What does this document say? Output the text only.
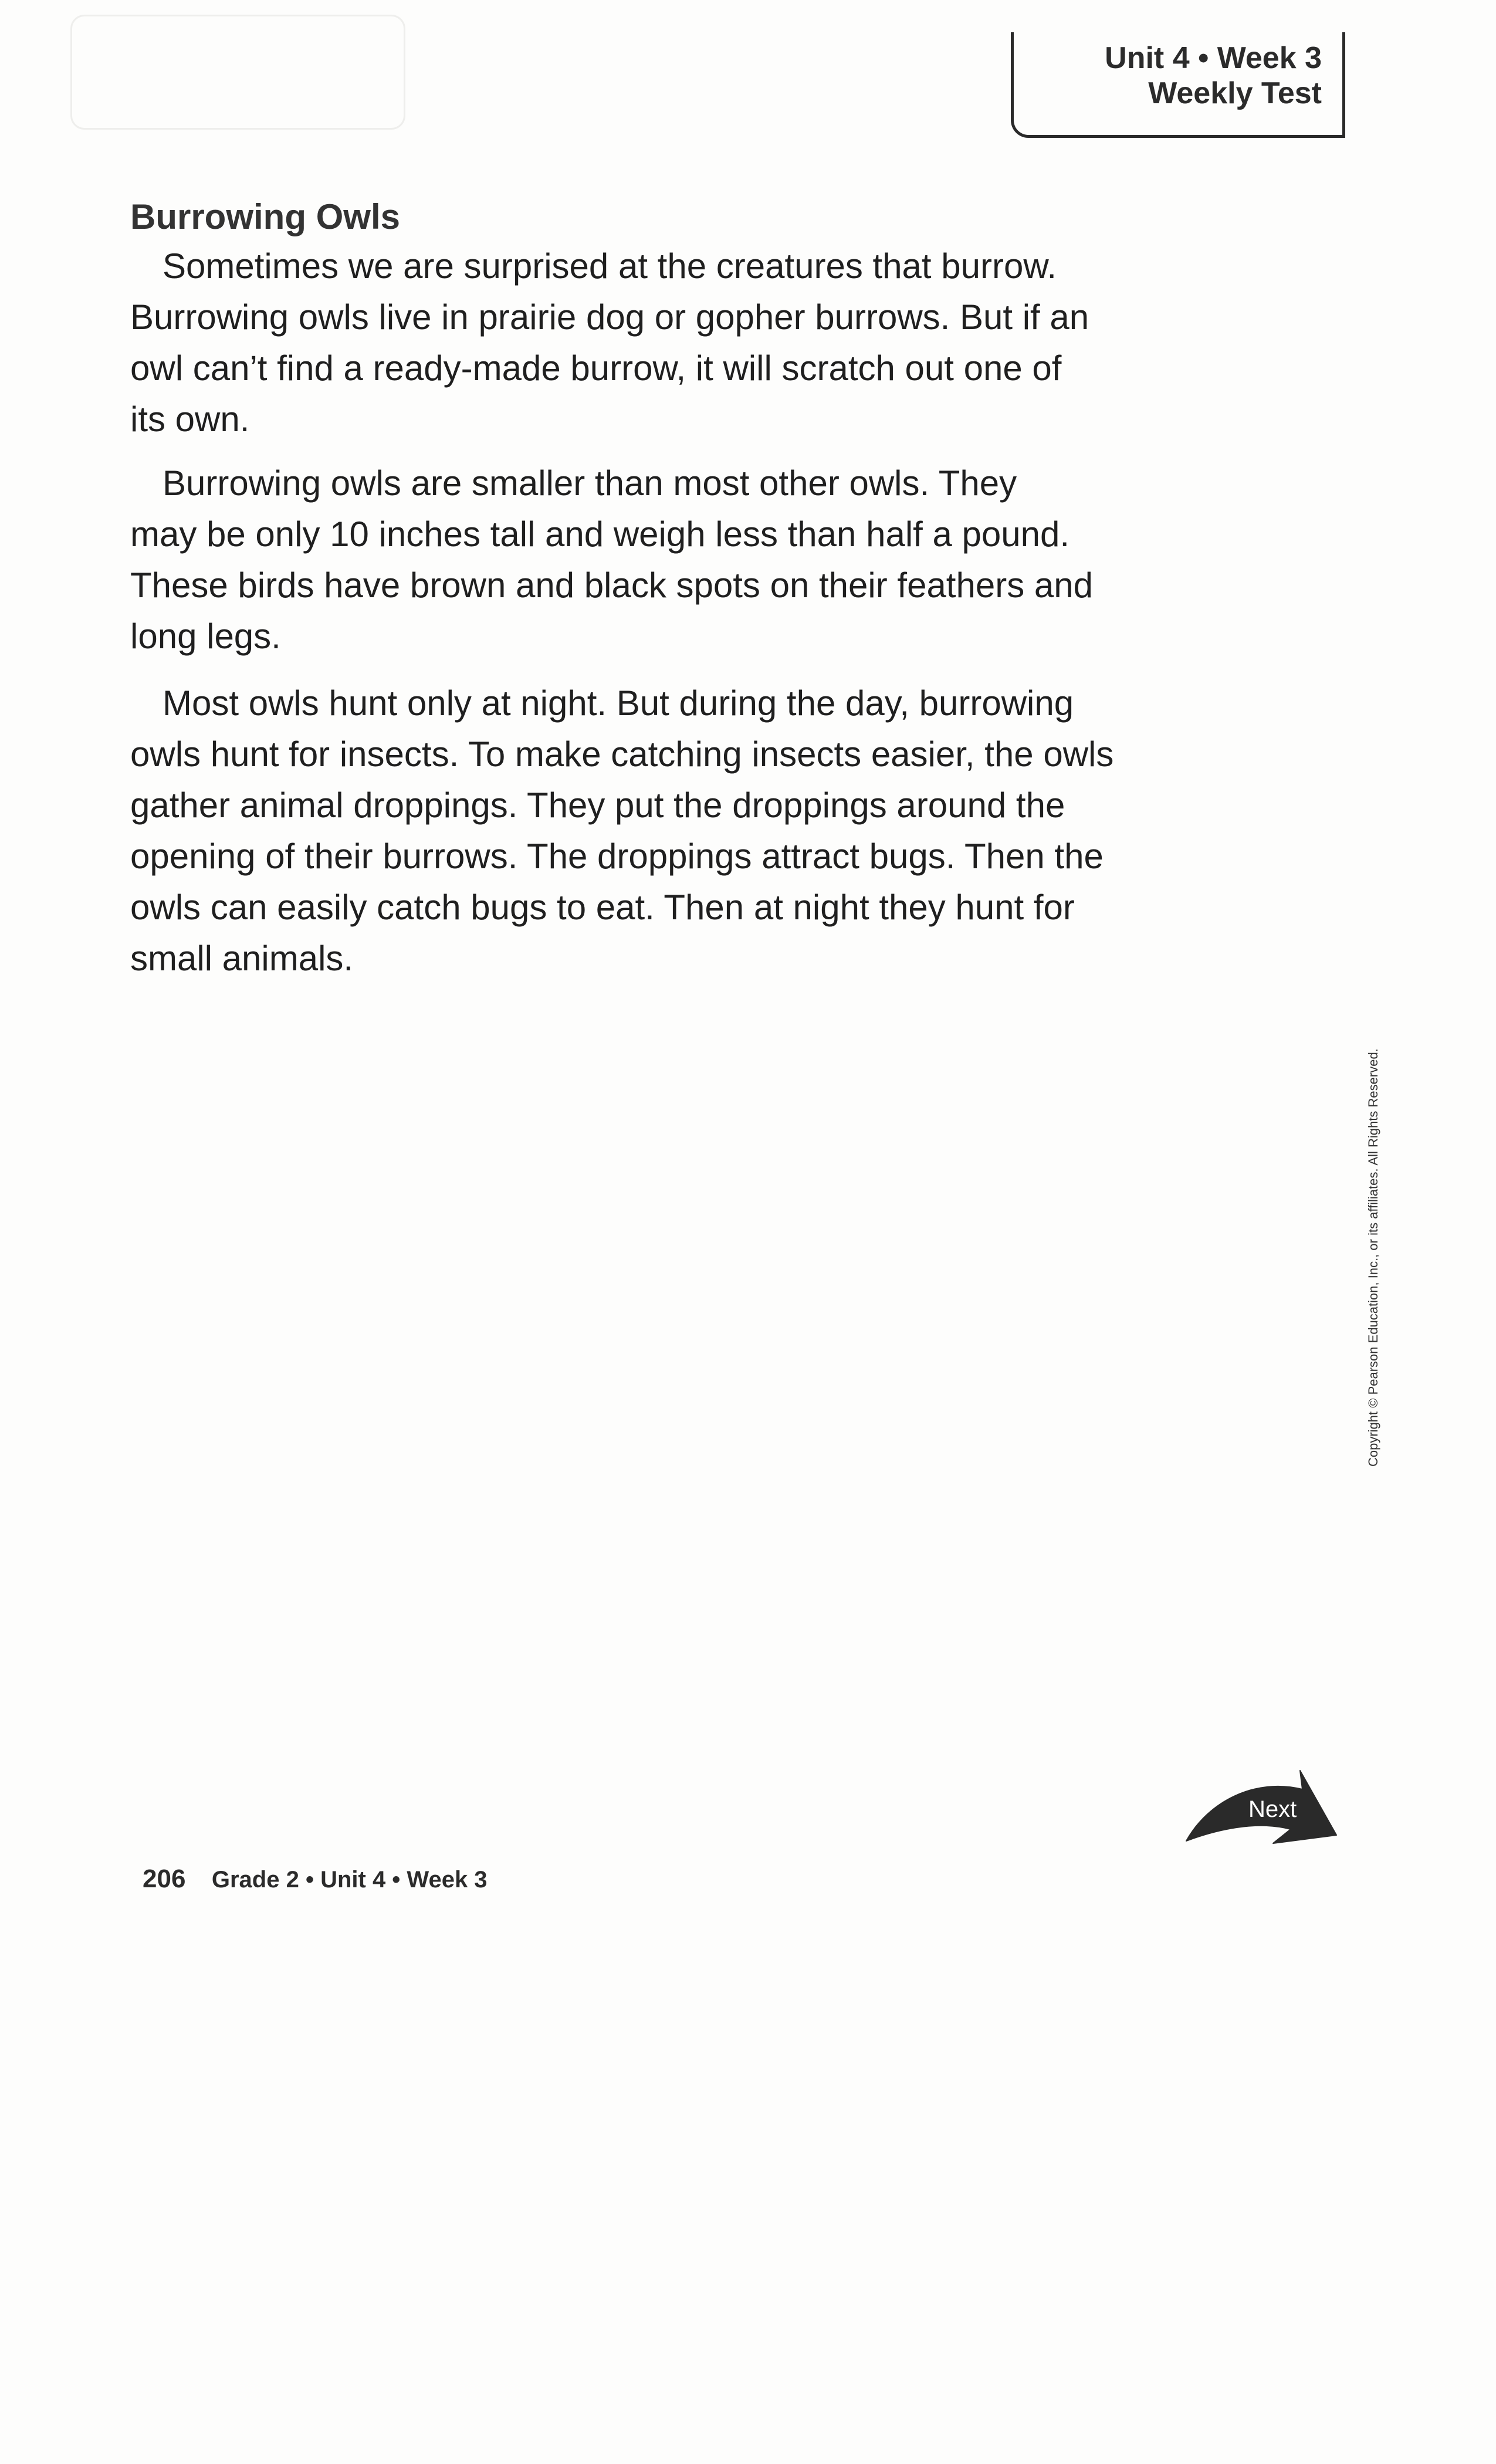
Unit 4 • Week 3
Weekly Test
Burrowing Owls
Sometimes we are surprised at the creatures that burrow.
Burrowing owls live in prairie dog or gopher burrows. But if an
owl can’t find a ready-made burrow, it will scratch out one of
its own.
Burrowing owls are smaller than most other owls. They
may be only 10 inches tall and weigh less than half a pound.
These birds have brown and black spots on their feathers and
long legs.
Most owls hunt only at night. But during the day, burrowing
owls hunt for insects. To make catching insects easier, the owls
gather animal droppings. They put the droppings around the
opening of their burrows. The droppings attract bugs. Then the
owls can easily catch bugs to eat. Then at night they hunt for
small animals.
Copyright © Pearson Education, Inc., or its affiliates. All Rights Reserved.
Next
206 Grade 2 • Unit 4 • Week 3
